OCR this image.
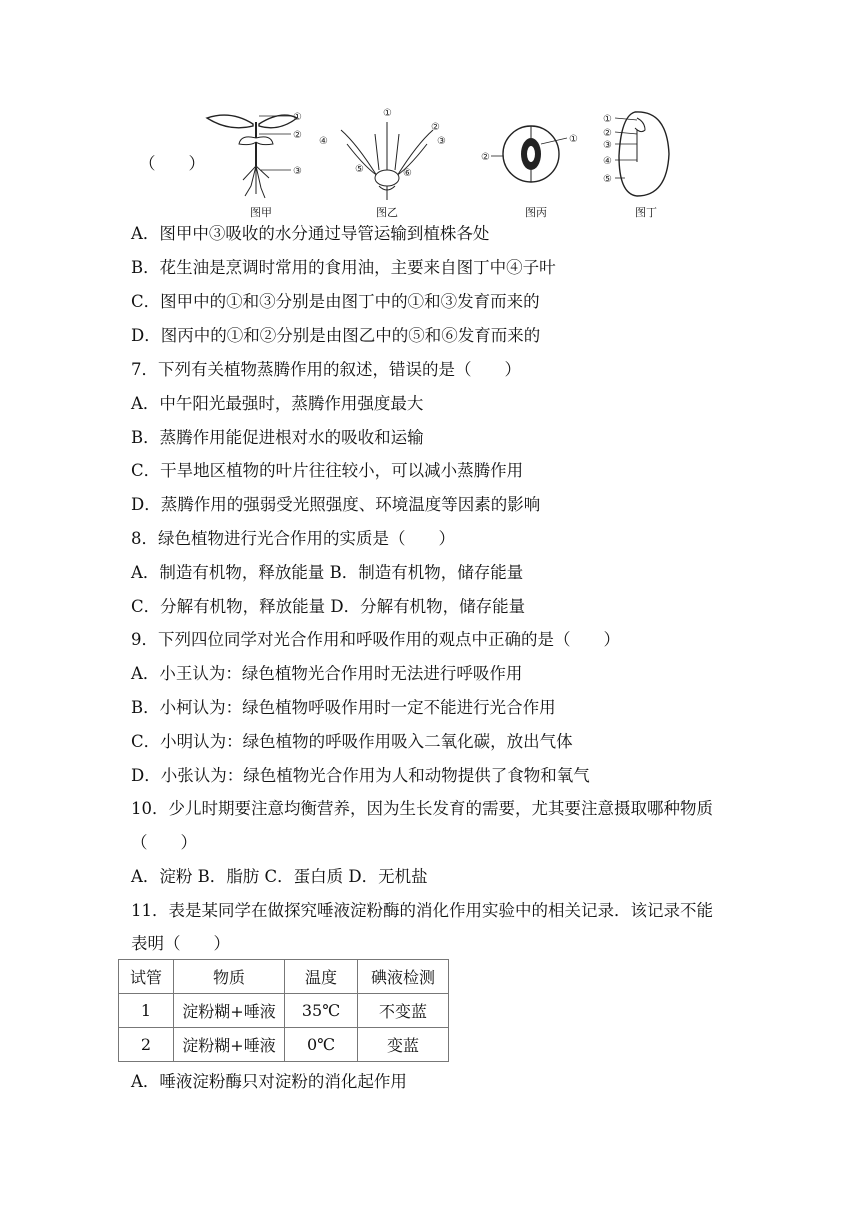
（　　）
①
②
③
图甲
①
②
③
④
⑤	⑥
图乙
①
②
图丙
①
②
③
④
⑤
图丁
A．图甲中③吸收的水分通过导管运输到植株各处
B．花生油是烹调时常用的食用油，主要来自图丁中④子叶
C．图甲中的①和③分别是由图丁中的①和③发育而来的
D．图丙中的①和②分别是由图乙中的⑤和⑥发育而来的
7．下列有关植物蒸腾作用的叙述，错误的是（　　）
A．中午阳光最强时，蒸腾作用强度最大
B．蒸腾作用能促进根对水的吸收和运输
C．干旱地区植物的叶片往往较小，可以减小蒸腾作用
D．蒸腾作用的强弱受光照强度、环境温度等因素的影响
8．绿色植物进行光合作用的实质是（　　）
A．制造有机物，释放能量 B．制造有机物，储存能量
C．分解有机物，释放能量 D．分解有机物，储存能量
9．下列四位同学对光合作用和呼吸作用的观点中正确的是（　　）
A．小王认为：绿色植物光合作用时无法进行呼吸作用
B．小柯认为：绿色植物呼吸作用时一定不能进行光合作用
C．小明认为：绿色植物的呼吸作用吸入二氧化碳，放出气体
D．小张认为：绿色植物光合作用为人和动物提供了食物和氧气
10．少儿时期要注意均衡营养，因为生长发育的需要，尤其要注意摄取哪种物质
（　　）
A．淀粉 B．脂肪 C．蛋白质 D．无机盐
11．表是某同学在做探究唾液淀粉酶的消化作用实验中的相关记录．该记录不能
表明（　　）
试管	物质	温度	碘液检测
1	淀粉糊+唾液	35℃	不变蓝
2	淀粉糊+唾液	0℃	变蓝
A．唾液淀粉酶只对淀粉的消化起作用
